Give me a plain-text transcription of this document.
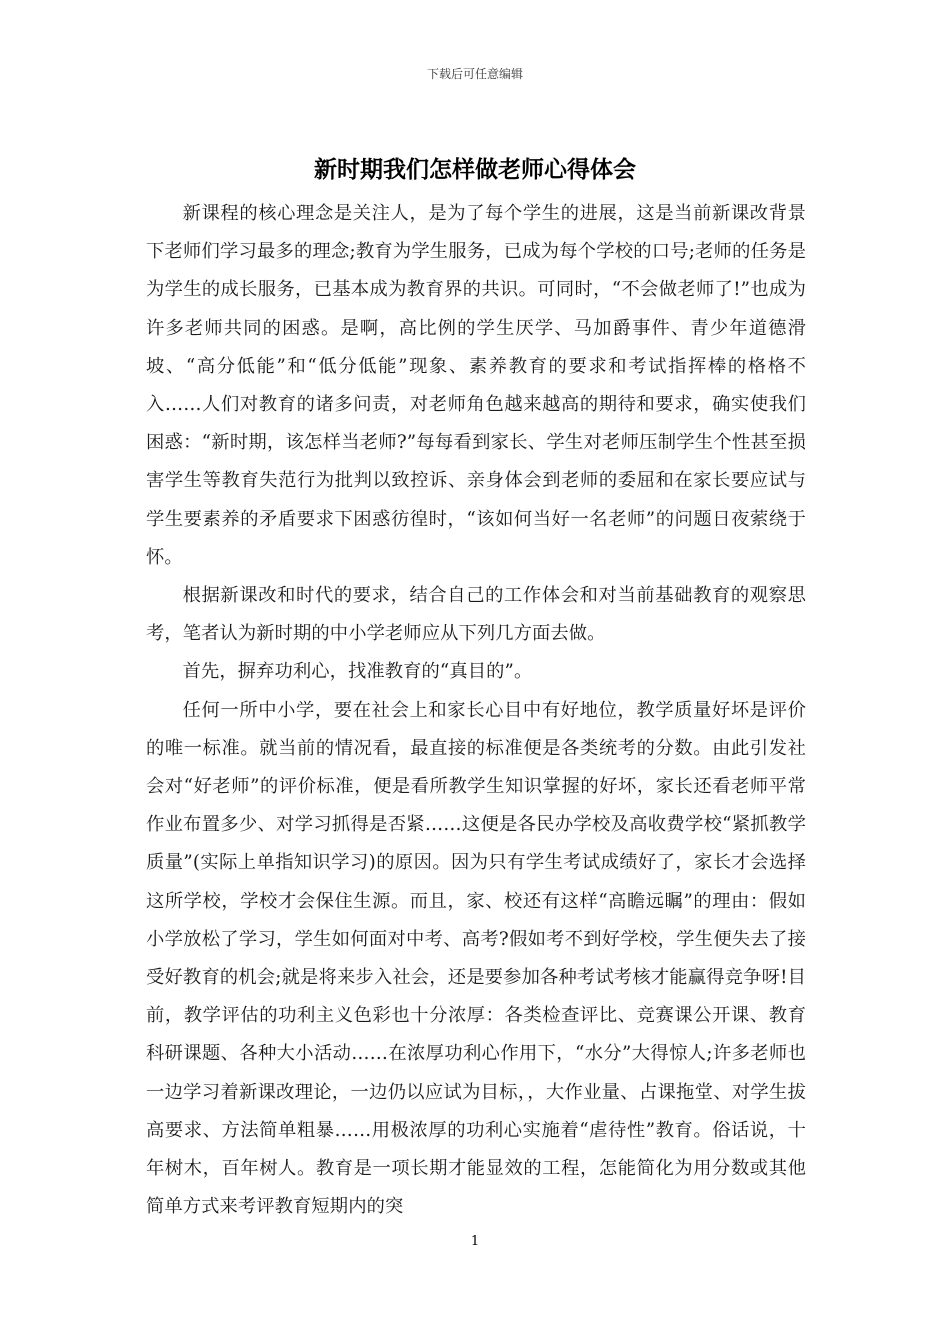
下载后可任意编辑
新时期我们怎样做老师心得体会

新课程的核心理念是关注人，是为了每个学生的进展，这是当前新课改背景下老师们学习最多的理念;教育为学生服务，已成为每个学校的口号;老师的任务是为学生的成长服务，已基本成为教育界的共识。可同时，“不会做老师了!”也成为许多老师共同的困惑。是啊，高比例的学生厌学、马加爵事件、青少年道德滑坡、“高分低能”和“低分低能”现象、素养教育的要求和考试指挥棒的格格不入……人们对教育的诸多问责，对老师角色越来越高的期待和要求，确实使我们困惑：“新时期，该怎样当老师?”每每看到家长、学生对老师压制学生个性甚至损害学生等教育失范行为批判以致控诉、亲身体会到老师的委屈和在家长要应试与学生要素养的矛盾要求下困惑彷徨时，“该如何当好一名老师”的问题日夜萦绕于怀。

根据新课改和时代的要求，结合自己的工作体会和对当前基础教育的观察思考，笔者认为新时期的中小学老师应从下列几方面去做。

首先，摒弃功利心，找准教育的“真目的”。

任何一所中小学，要在社会上和家长心目中有好地位，教学质量好坏是评价的唯一标准。就当前的情况看，最直接的标准便是各类统考的分数。由此引发社会对“好老师”的评价标准，便是看所教学生知识掌握的好坏，家长还看老师平常作业布置多少、对学习抓得是否紧……这便是各民办学校及高收费学校“紧抓教学质量”(实际上单指知识学习)的原因。因为只有学生考试成绩好了，家长才会选择这所学校，学校才会保住生源。而且，家、校还有这样“高瞻远瞩”的理由：假如小学放松了学习，学生如何面对中考、高考?假如考不到好学校，学生便失去了接受好教育的机会;就是将来步入社会，还是要参加各种考试考核才能赢得竞争呀!目前，教学评估的功利主义色彩也十分浓厚：各类检查评比、竞赛课公开课、教育科研课题、各种大小活动……在浓厚功利心作用下，“水分”大得惊人;许多老师也一边学习着新课改理论，一边仍以应试为目标，，大作业量、占课拖堂、对学生拔高要求、方法简单粗暴……用极浓厚的功利心实施着“虐待性”教育。俗话说，十年树木，百年树人。教育是一项长期才能显效的工程，怎能简化为用分数或其他简单方式来考评教育短期内的突

1
